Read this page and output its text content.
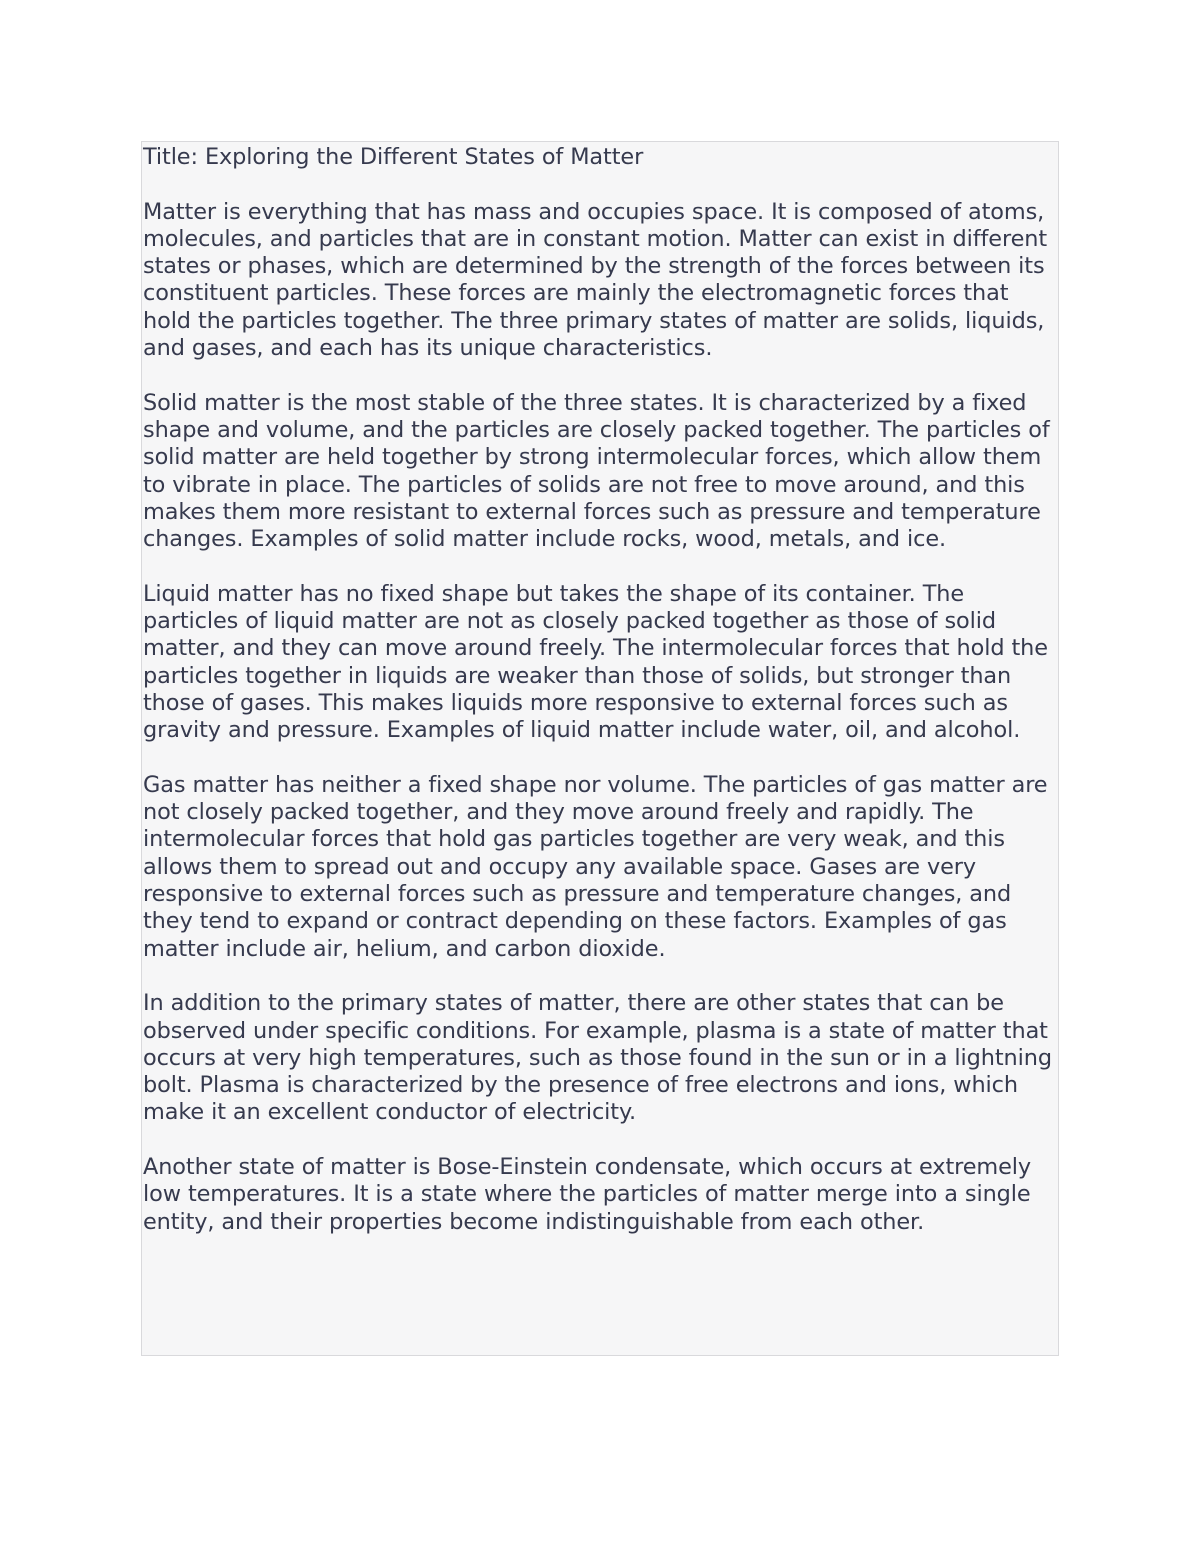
Title: Exploring the Different States of Matter

Matter is everything that has mass and occupies space. It is composed of atoms, molecules, and particles that are in constant motion. Matter can exist in different states or phases, which are determined by the strength of the forces between its constituent particles. These forces are mainly the electromagnetic forces that hold the particles together. The three primary states of matter are solids, liquids, and gases, and each has its unique characteristics.

Solid matter is the most stable of the three states. It is characterized by a fixed shape and volume, and the particles are closely packed together. The particles of solid matter are held together by strong intermolecular forces, which allow them to vibrate in place. The particles of solids are not free to move around, and this makes them more resistant to external forces such as pressure and temperature changes. Examples of solid matter include rocks, wood, metals, and ice.

Liquid matter has no fixed shape but takes the shape of its container. The particles of liquid matter are not as closely packed together as those of solid matter, and they can move around freely. The intermolecular forces that hold the particles together in liquids are weaker than those of solids, but stronger than those of gases. This makes liquids more responsive to external forces such as gravity and pressure. Examples of liquid matter include water, oil, and alcohol.

Gas matter has neither a fixed shape nor volume. The particles of gas matter are not closely packed together, and they move around freely and rapidly. The intermolecular forces that hold gas particles together are very weak, and this allows them to spread out and occupy any available space. Gases are very responsive to external forces such as pressure and temperature changes, and they tend to expand or contract depending on these factors. Examples of gas matter include air, helium, and carbon dioxide.

In addition to the primary states of matter, there are other states that can be observed under specific conditions. For example, plasma is a state of matter that occurs at very high temperatures, such as those found in the sun or in a lightning bolt. Plasma is characterized by the presence of free electrons and ions, which make it an excellent conductor of electricity.

Another state of matter is Bose-Einstein condensate, which occurs at extremely low temperatures. It is a state where the particles of matter merge into a single entity, and their properties become indistinguishable from each other.
